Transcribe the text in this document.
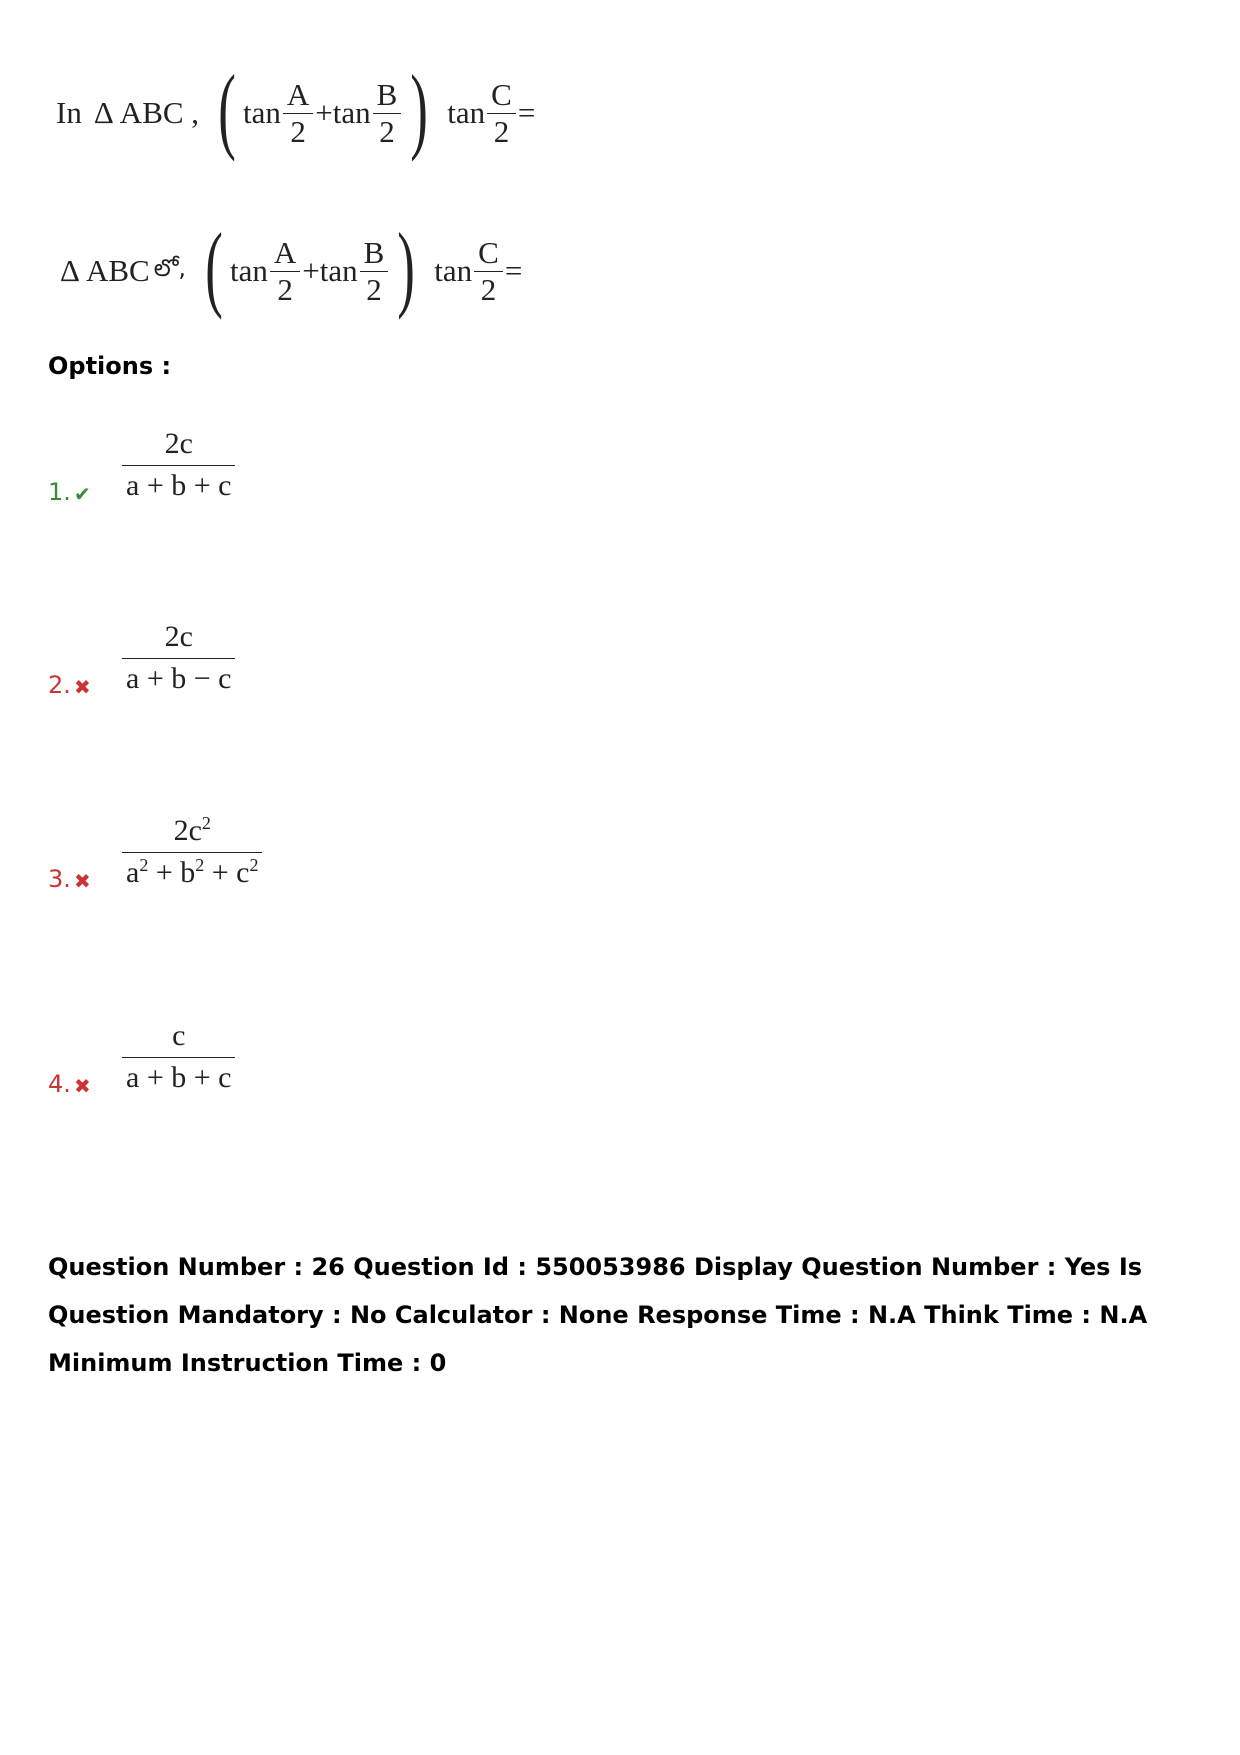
In Δ ABC , ( $\tan \frac{A}{2} + \tan \frac{B}{2}$ ) $\tan \frac{C}{2}$ =
Δ ABC లో, ( $\tan \frac{A}{2} + \tan \frac{B}{2}$ ) $\tan \frac{C}{2}$ =
Options :
1. ✔	$\frac{2c}{a + b + c}$
2. ✖	$\frac{2c}{a + b - c}$
3. ✖	$\frac{2c^2}{a^2 + b^2 + c^2}$
4. ✖	$\frac{c}{a + b + c}$
Question Number : 26 Question Id : 550053986 Display Question Number : Yes Is Question Mandatory : No Calculator : None Response Time : N.A Think Time : N.A Minimum Instruction Time : 0
